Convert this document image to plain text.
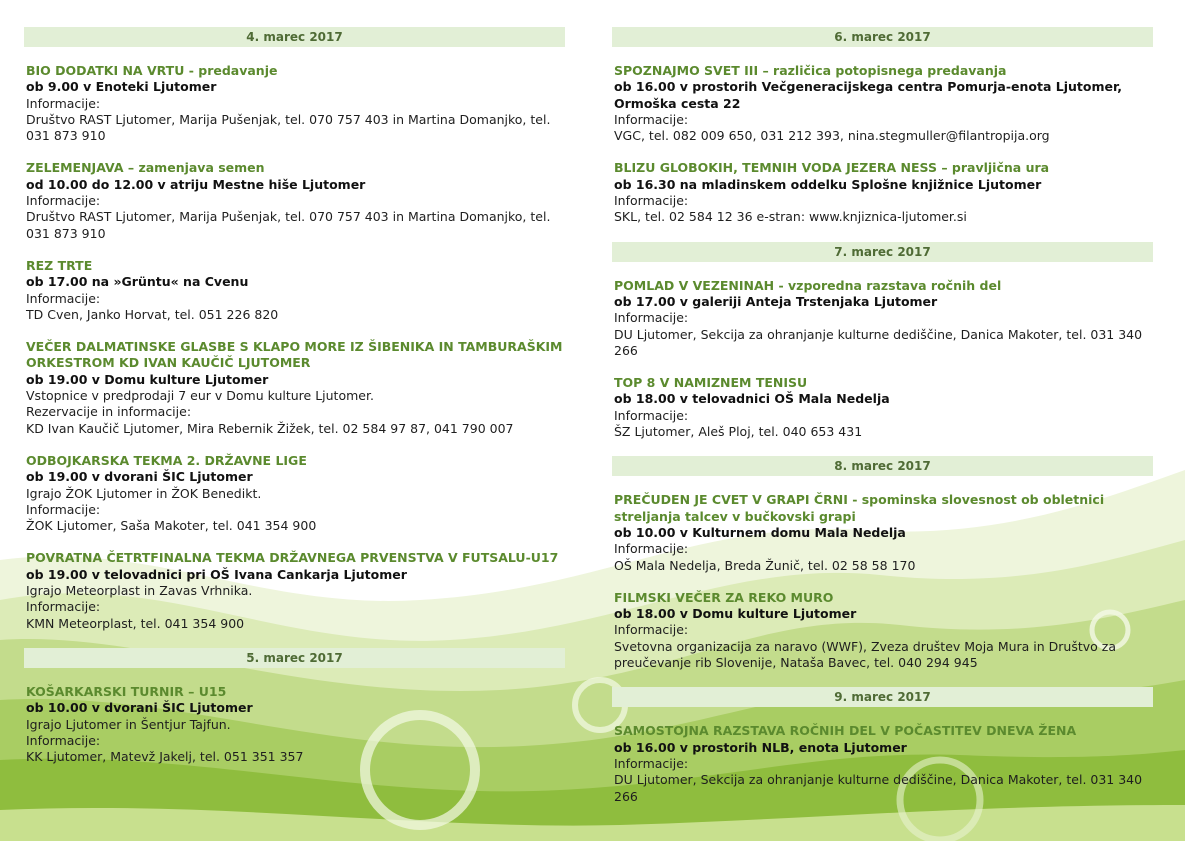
4. marec 2017
BIO DODATKI NA VRTU - predavanje
ob 9.00 v Enoteki Ljutomer
Informacije:
Društvo RAST Ljutomer, Marija Pušenjak, tel. 070 757 403 in Martina Domanjko, tel. 031 873 910
ZELEMENJAVA – zamenjava semen
od 10.00 do 12.00 v atriju Mestne hiše Ljutomer
Informacije:
Društvo RAST Ljutomer, Marija Pušenjak, tel. 070 757 403 in Martina Domanjko, tel. 031 873 910
REZ TRTE
ob 17.00 na »Grüntu« na Cvenu
Informacije:
TD Cven, Janko Horvat, tel. 051 226 820
VEČER DALMATINSKE GLASBE S KLAPO MORE IZ ŠIBENIKA IN TAMBURAŠKIM ORKESTROM KD IVAN KAUČIČ LJUTOMER
ob 19.00 v Domu kulture Ljutomer
Vstopnice v predprodaji 7 eur v Domu kulture Ljutomer.
Rezervacije in informacije:
KD Ivan Kaučič Ljutomer, Mira Rebernik Žižek, tel. 02 584 97 87, 041 790 007
ODBOJKARSKA TEKMA 2. DRŽAVNE LIGE
ob 19.00 v dvorani ŠIC Ljutomer
Igrajo ŽOK Ljutomer in ŽOK Benedikt.
Informacije:
ŽOK Ljutomer, Saša Makoter, tel. 041 354 900
POVRATNA ČETRTFINALNA TEKMA DRŽAVNEGA PRVENSTVA V FUTSALU-U17
ob 19.00 v telovadnici pri OŠ Ivana Cankarja Ljutomer
Igrajo Meteorplast in Zavas Vrhnika.
Informacije:
KMN Meteorplast, tel. 041 354 900
5. marec 2017
KOŠARKARSKI TURNIR – U15
ob 10.00 v dvorani ŠIC Ljutomer
Igrajo Ljutomer in Šentjur Tajfun.
Informacije:
KK Ljutomer, Matevž Jakelj, tel. 051 351 357
6. marec 2017
SPOZNAJMO SVET III – različica potopisnega predavanja
ob 16.00 v prostorih Večgeneracijskega centra Pomurja-enota Ljutomer, Ormoška cesta 22
Informacije:
VGC, tel. 082 009 650, 031 212 393, nina.stegmuller@filantropija.org
BLIZU GLOBOKIH, TEMNIH VODA JEZERA NESS – pravljična ura
ob 16.30 na mladinskem oddelku Splošne knjižnice Ljutomer
Informacije:
SKL, tel. 02 584 12 36 e-stran: www.knjiznica-ljutomer.si
7. marec 2017
POMLAD V VEZENINAH - vzporedna razstava ročnih del
ob 17.00 v galeriji Anteja Trstenjaka Ljutomer
Informacije:
DU Ljutomer, Sekcija za ohranjanje kulturne dediščine, Danica Makoter, tel. 031 340 266
TOP 8 V NAMIZNEM TENISU
ob 18.00 v telovadnici OŠ Mala Nedelja
Informacije:
ŠZ Ljutomer, Aleš Ploj, tel. 040 653 431
8. marec 2017
PREČUDEN JE CVET V GRAPI ČRNI - spominska slovesnost ob obletnici streljanja talcev v bučkovski grapi
ob 10.00 v Kulturnem domu Mala Nedelja
Informacije:
OŠ Mala Nedelja, Breda Žunič, tel. 02 58 58 170
FILMSKI VEČER ZA REKO MURO
ob 18.00 v Domu kulture Ljutomer
Informacije:
Svetovna organizacija za naravo (WWF), Zveza društev Moja Mura in Društvo za preučevanje rib Slovenije, Nataša Bavec, tel. 040 294 945
9. marec 2017
SAMOSTOJNA RAZSTAVA ROČNIH DEL V POČASTITEV DNEVA ŽENA
ob 16.00 v prostorih NLB, enota Ljutomer
Informacije:
DU Ljutomer, Sekcija za ohranjanje kulturne dediščine, Danica Makoter, tel. 031 340 266
